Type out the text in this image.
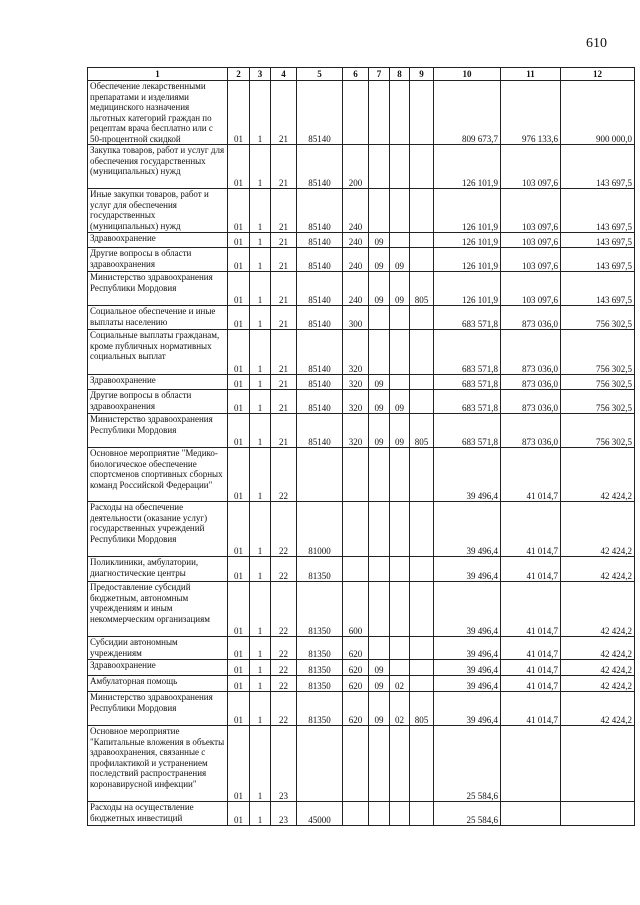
610
1	2	3	4	5	6	7	8	9	10	11	12
Обеспечение лекарственными препаратами и изделиями медицинского назначения льготных категорий граждан по рецептам врача бесплатно или с 50-процентной скидкой	01	1	21	85140					809 673,7	976 133,6	900 000,0
Закупка товаров, работ и услуг для обеспечения государственных (муниципальных) нужд	01	1	21	85140	200				126 101,9	103 097,6	143 697,5
Иные закупки товаров, работ и услуг для обеспечения государственных (муниципальных) нужд	01	1	21	85140	240				126 101,9	103 097,6	143 697,5
Здравоохранение	01	1	21	85140	240	09			126 101,9	103 097,6	143 697,5
Другие вопросы в области здравоохранения	01	1	21	85140	240	09	09		126 101,9	103 097,6	143 697,5
Министерство здравоохранения Республики Мордовия	01	1	21	85140	240	09	09	805	126 101,9	103 097,6	143 697,5
Социальное обеспечение и иные выплаты населению	01	1	21	85140	300				683 571,8	873 036,0	756 302,5
Социальные выплаты гражданам, кроме публичных нормативных социальных выплат	01	1	21	85140	320				683 571,8	873 036,0	756 302,5
Здравоохранение	01	1	21	85140	320	09			683 571,8	873 036,0	756 302,5
Другие вопросы в области здравоохранения	01	1	21	85140	320	09	09		683 571,8	873 036,0	756 302,5
Министерство здравоохранения Республики Мордовия	01	1	21	85140	320	09	09	805	683 571,8	873 036,0	756 302,5
Основное мероприятие "Медико-биологическое обеспечение спортсменов спортивных сборных команд Российской Федерации"	01	1	22						39 496,4	41 014,7	42 424,2
Расходы на обеспечение деятельности (оказание услуг) государственных учреждений Республики Мордовия	01	1	22	81000					39 496,4	41 014,7	42 424,2
Поликлиники, амбулатории, диагностические центры	01	1	22	81350					39 496,4	41 014,7	42 424,2
Предоставление субсидий бюджетным, автономным учреждениям и иным некоммерческим организациям	01	1	22	81350	600				39 496,4	41 014,7	42 424,2
Субсидии автономным учреждениям	01	1	22	81350	620				39 496,4	41 014,7	42 424,2
Здравоохранение	01	1	22	81350	620	09			39 496,4	41 014,7	42 424,2
Амбулаторная помощь	01	1	22	81350	620	09	02		39 496,4	41 014,7	42 424,2
Министерство здравоохранения Республики Мордовия	01	1	22	81350	620	09	02	805	39 496,4	41 014,7	42 424,2
Основное мероприятие "Капитальные вложения в объекты здравоохранения, связанные с профилактикой и устранением последствий распространения коронавирусной инфекции"	01	1	23						25 584,6		
Расходы на осуществление бюджетных инвестиций	01	1	23	45000					25 584,6		
